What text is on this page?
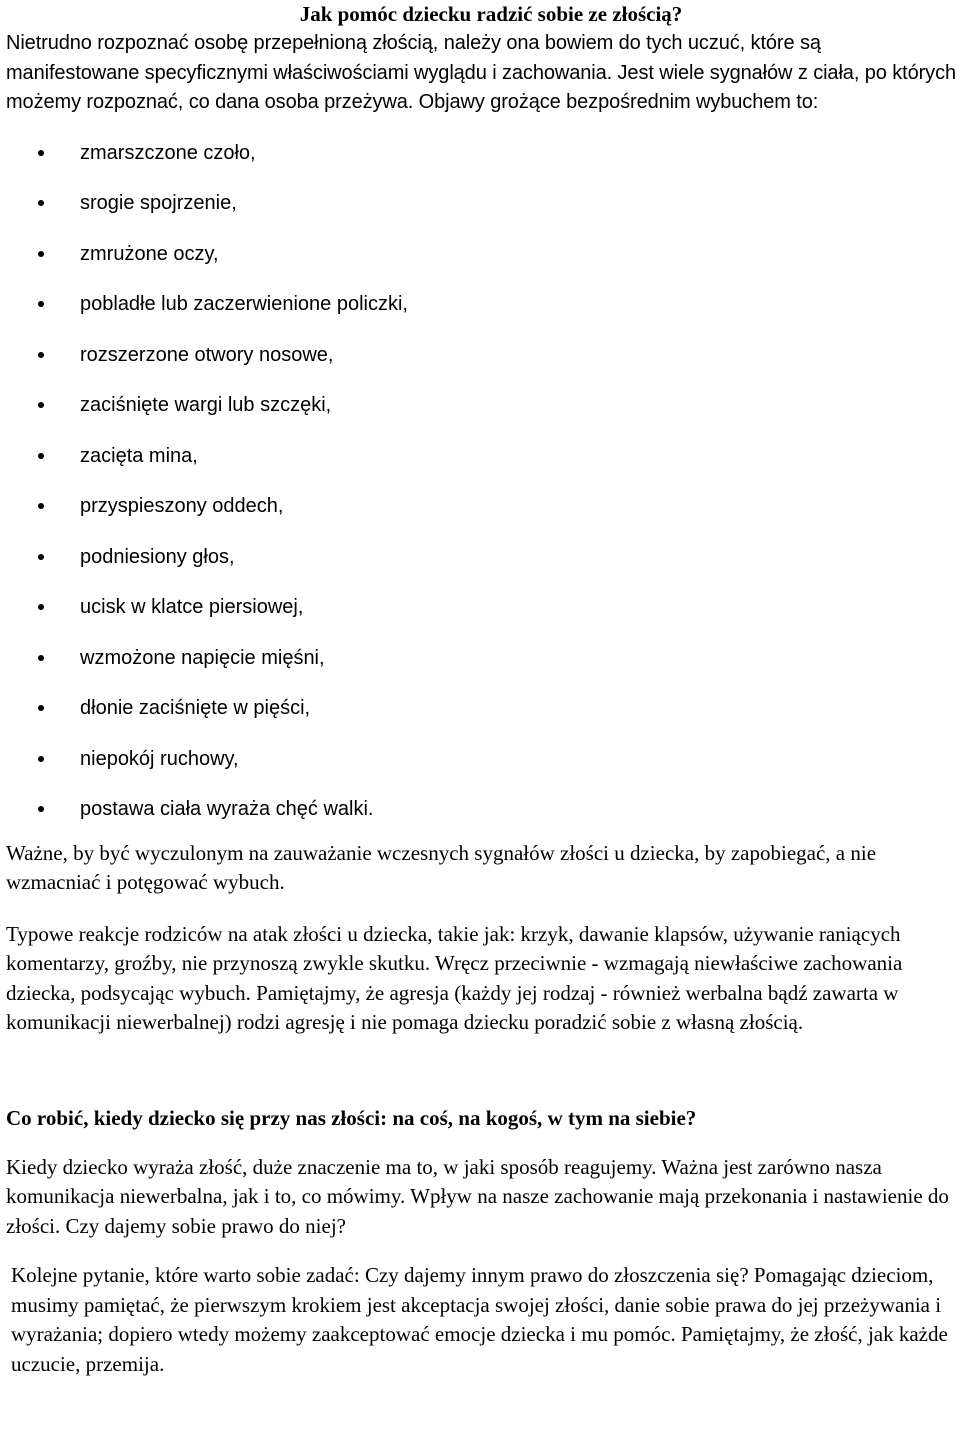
Jak pomóc dziecku radzić sobie ze złością?

Nietrudno rozpoznać osobę przepełnioną złością, należy ona bowiem do tych uczuć, które są manifestowane specyficznymi właściwościami wyglądu i zachowania. Jest wiele sygnałów z ciała, po których możemy rozpoznać, co dana osoba przeżywa. Objawy grożące bezpośrednim wybuchem to:

zmarszczone czoło,
srogie spojrzenie,
zmrużone oczy,
pobladłe lub zaczerwienione policzki,
rozszerzone otwory nosowe,
zaciśnięte wargi lub szczęki,
zacięta mina,
przyspieszony oddech,
podniesiony głos,
ucisk w klatce piersiowej,
wzmożone napięcie mięśni,
dłonie zaciśnięte w pięści,
niepokój ruchowy,
postawa ciała wyraża chęć walki.

Ważne, by być wyczulonym na zauważanie wczesnych sygnałów złości u dziecka, by zapobiegać, a nie wzmacniać i potęgować wybuch.

Typowe reakcje rodziców na atak złości u dziecka, takie jak: krzyk, dawanie klapsów, używanie raniących komentarzy, groźby, nie przynoszą zwykle skutku. Wręcz przeciwnie - wzmagają niewłaściwe zachowania dziecka, podsycając wybuch. Pamiętajmy, że agresja (każdy jej rodzaj - również werbalna bądź zawarta w komunikacji niewerbalnej) rodzi agresję i nie pomaga dziecku poradzić sobie z własną złością.

Co robić, kiedy dziecko się przy nas złości: na coś, na kogoś, w tym na siebie?

Kiedy dziecko wyraża złość, duże znaczenie ma to, w jaki sposób reagujemy. Ważna jest zarówno nasza komunikacja niewerbalna, jak i to, co mówimy. Wpływ na nasze zachowanie mają przekonania i nastawienie do złości. Czy dajemy sobie prawo do niej?

Kolejne pytanie, które warto sobie zadać: Czy dajemy innym prawo do złoszczenia się? Pomagając dzieciom, musimy pamiętać, że pierwszym krokiem jest akceptacja swojej złości, danie sobie prawa do jej przeżywania i wyrażania; dopiero wtedy możemy zaakceptować emocje dziecka i mu pomóc. Pamiętajmy, że złość, jak każde uczucie, przemija.
